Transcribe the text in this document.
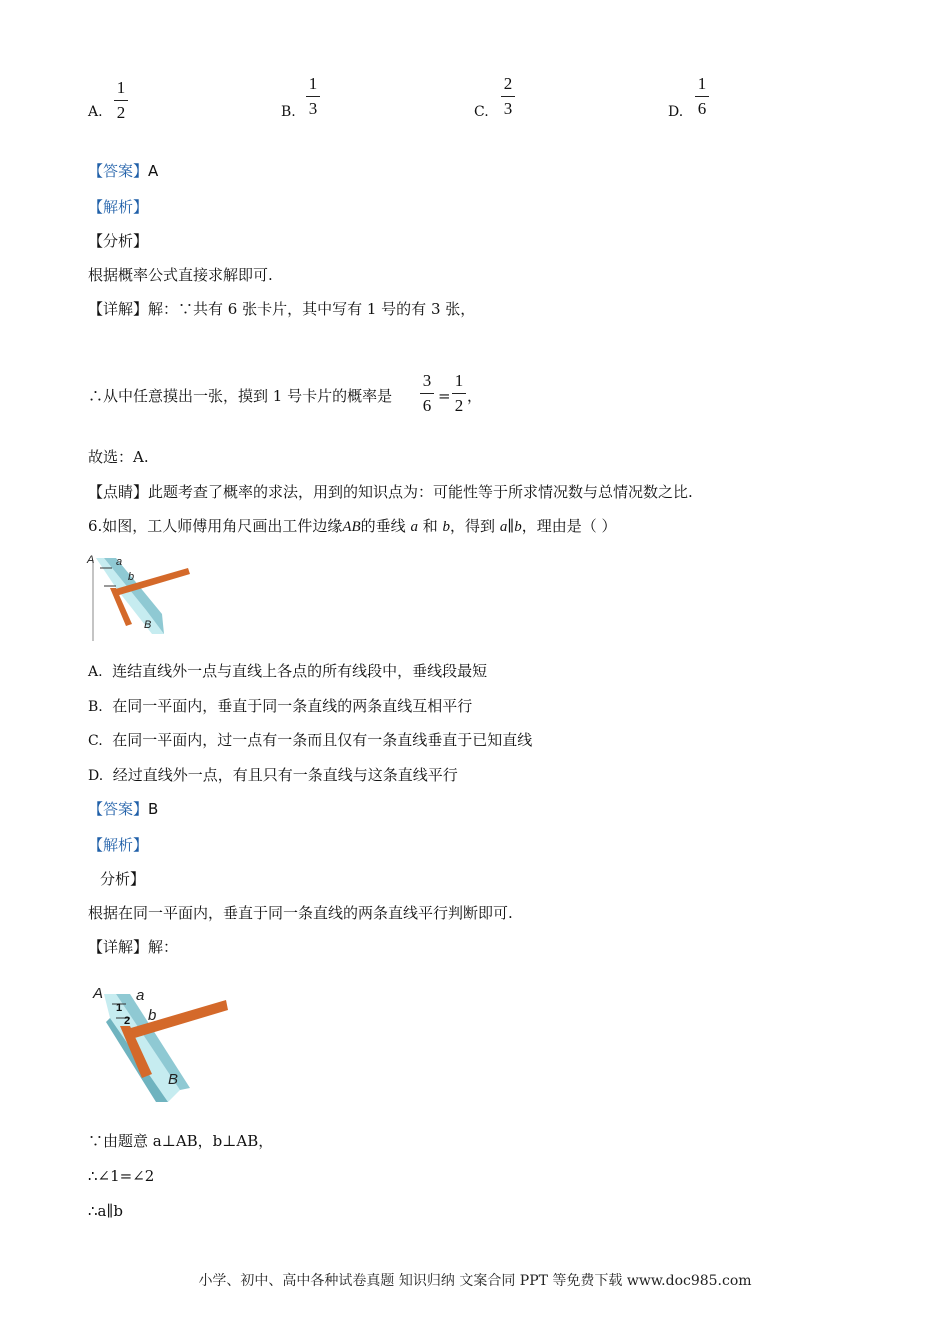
A.
1
2	B.
1
3	C.
2
3	D.
1
6
【答案】A
【解析】
【分析】
根据概率公式直接求解即可.
【详解】解：∵共有 6 张卡片，其中写有 1 号的有 3 张，
∴从中任意摸出一张，摸到 1 号卡片的概率是
3
6 =
1
2 ，
故选：A.
【点睛】此题考查了概率的求法，用到的知识点为：可能性等于所求情况数与总情况数之比.
6.如图，工人师傅用角尺画出工件边缘AB的垂线 a 和 b，得到 a∥b，理由是（ ）
A a
b
B
A. 连结直线外一点与直线上各点的所有线段中，垂线段最短
B. 在同一平面内，垂直于同一条直线的两条直线互相平行
C. 在同一平面内，过一点有一条而且仅有一条直线垂直于已知直线
D. 经过直线外一点，有且只有一条直线与这条直线平行
【答案】B
【解析】
分析】
根据在同一平面内，垂直于同一条直线的两条直线平行判断即可.
【详解】解：
A
1
2
a
b
B
∵由题意 a⊥AB，b⊥AB，
∴∠1=∠2
∴a∥b
小学、初中、高中各种试卷真题 知识归纳 文案合同 PPT 等免费下载 www.doc985.com
